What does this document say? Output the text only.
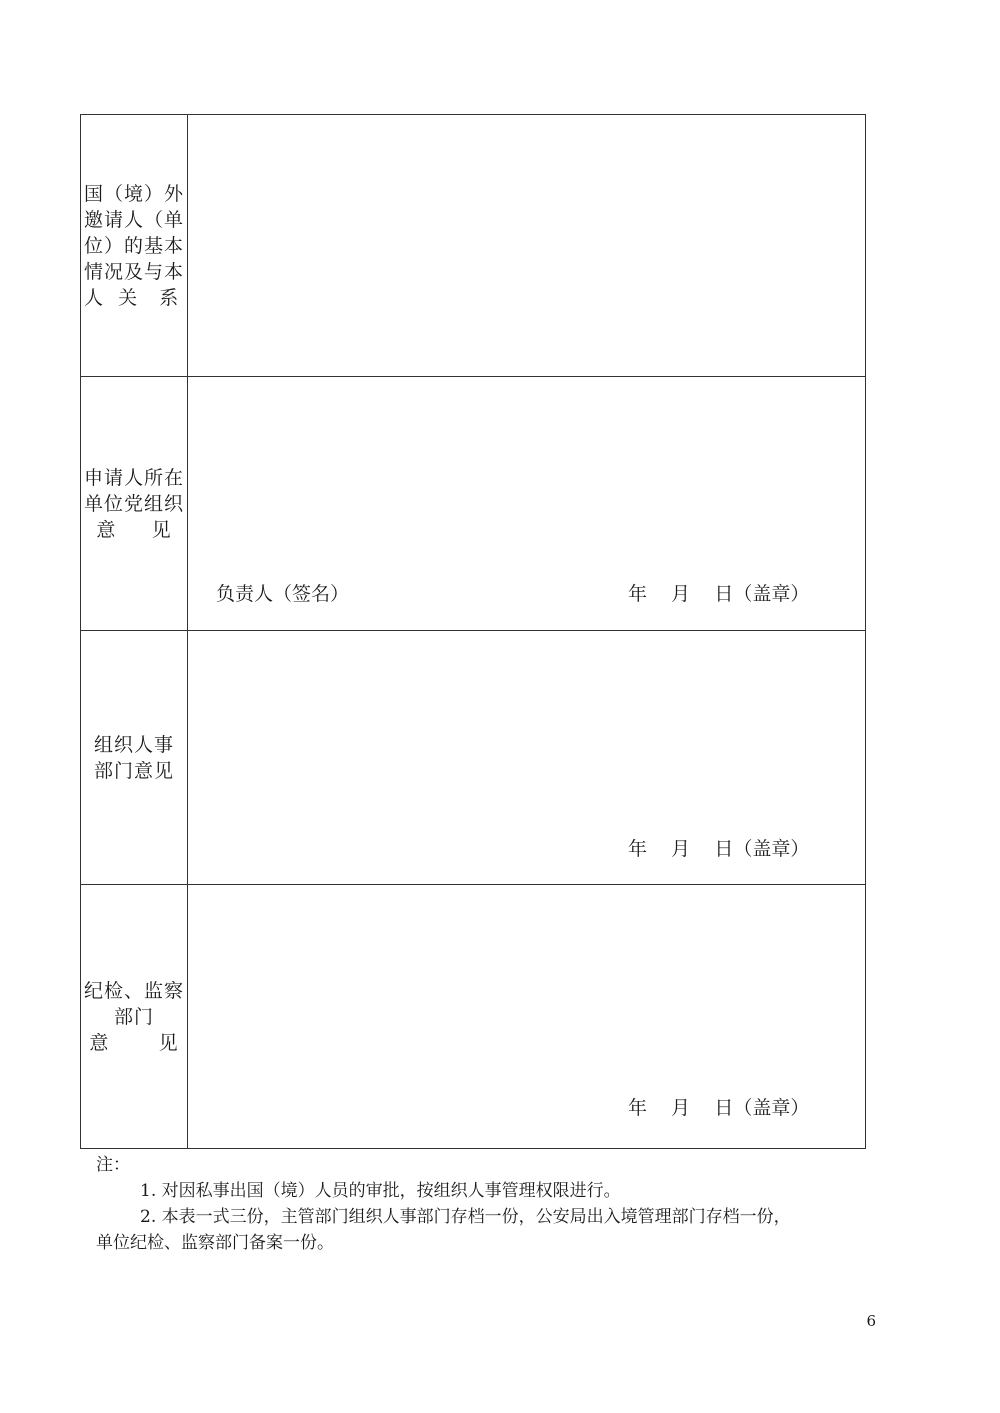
国（境）外
邀请人（单
位）的基本
情况及与本
人  关   系	

申请人所在
单位党组织
意     见	负责人（签名） 年    月    日（盖章）

组织人事
部门意见	年    月    日（盖章）

纪检、监察
部门
意       见	年    月    日（盖章）
注：
1. 对因私事出国（境）人员的审批，按组织人事管理权限进行。
2. 本表一式三份，主管部门组织人事部门存档一份，公安局出入境管理部门存档一份，
单位纪检、监察部门备案一份。
6
